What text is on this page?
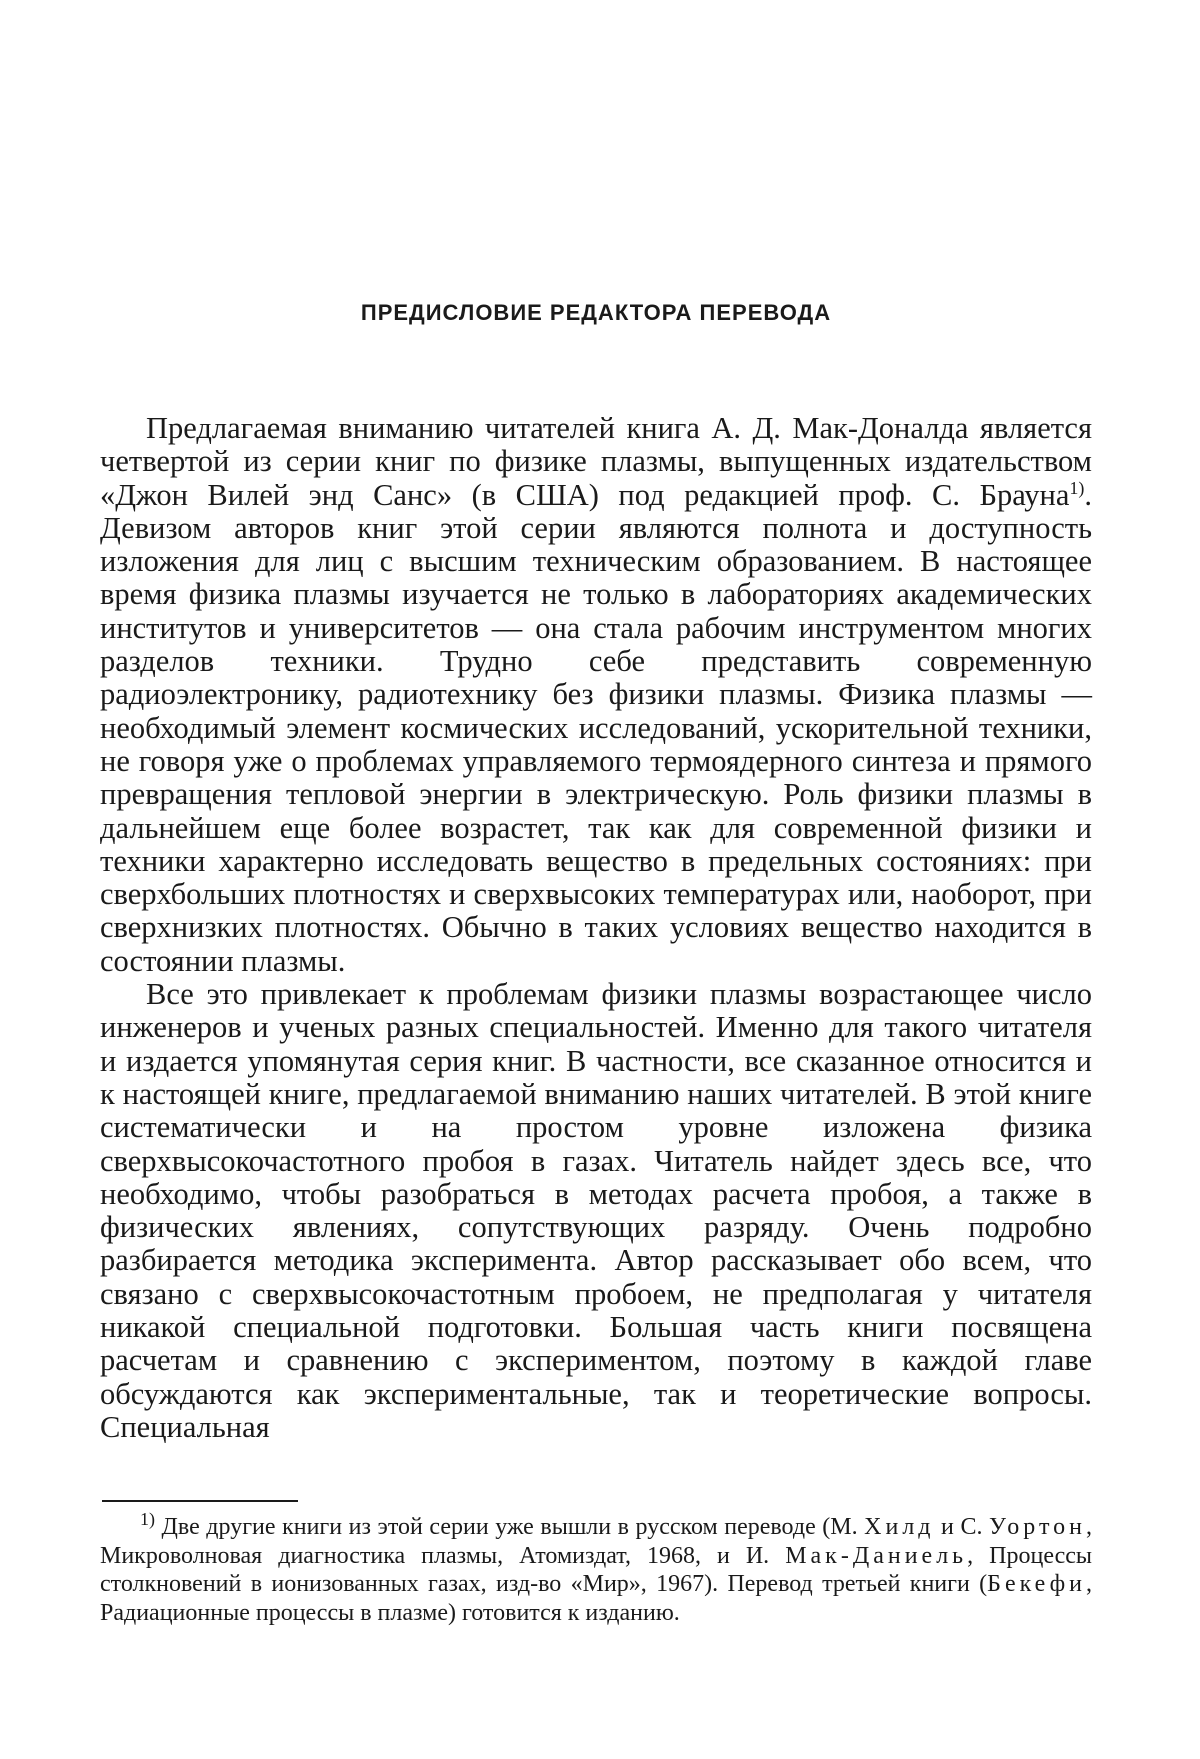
ПРЕДИСЛОВИЕ РЕДАКТОРА ПЕРЕВОДА

Предлагаемая вниманию читателей книга А. Д. Мак-Доналда является четвертой из серии книг по физике плазмы, выпущенных издательством «Джон Вилей энд Санс» (в США) под редакцией проф. С. Брауна$^{1)}$. Девизом авторов книг этой серии являются полнота и доступность изложения для лиц с высшим техническим образованием. В настоящее время физика плазмы изучается не только в лабораториях академических институтов и университетов — она стала рабочим инструментом многих разделов техники. Трудно себе представить современную радиоэлектронику, радиотехнику без физики плазмы. Физика плазмы — необходимый элемент космических исследований, ускорительной техники, не говоря уже о проблемах управляемого термоядерного синтеза и прямого превращения тепловой энергии в электрическую. Роль физики плазмы в дальнейшем еще более возрастет, так как для современной физики и техники характерно исследовать вещество в предельных состояниях: при сверхбольших плотностях и сверхвысоких температурах или, наоборот, при сверхнизких плотностях. Обычно в таких условиях вещество находится в состоянии плазмы.

Все это привлекает к проблемам физики плазмы возрастающее число инженеров и ученых разных специальностей. Именно для такого читателя и издается упомянутая серия книг. В частности, все сказанное относится и к настоящей книге, предлагаемой вниманию наших читателей. В этой книге систематически и на простом уровне изложена физика сверхвысокочастотного пробоя в газах. Читатель найдет здесь все, что необходимо, чтобы разобраться в методах расчета пробоя, а также в физических явлениях, сопутствующих разряду. Очень подробно разбирается методика эксперимента. Автор рассказывает обо всем, что связано с сверхвысокочастотным пробоем, не предполагая у читателя никакой специальной подготовки. Большая часть книги посвящена расчетам и сравнению с экспериментом, поэтому в каждой главе обсуждаются как экспериментальные, так и теоретические вопросы. Специальная

$^{1)}$ Две другие книги из этой серии уже вышли в русском переводе (М. Хилд и С. Уортон, Микроволновая диагностика плазмы, Атомиздат, 1968, и И. Мак-Даниель, Процессы столкновений в ионизованных газах, изд-во «Мир», 1967). Перевод третьей книги (Бекефи, Радиационные процессы в плазме) готовится к изданию.
